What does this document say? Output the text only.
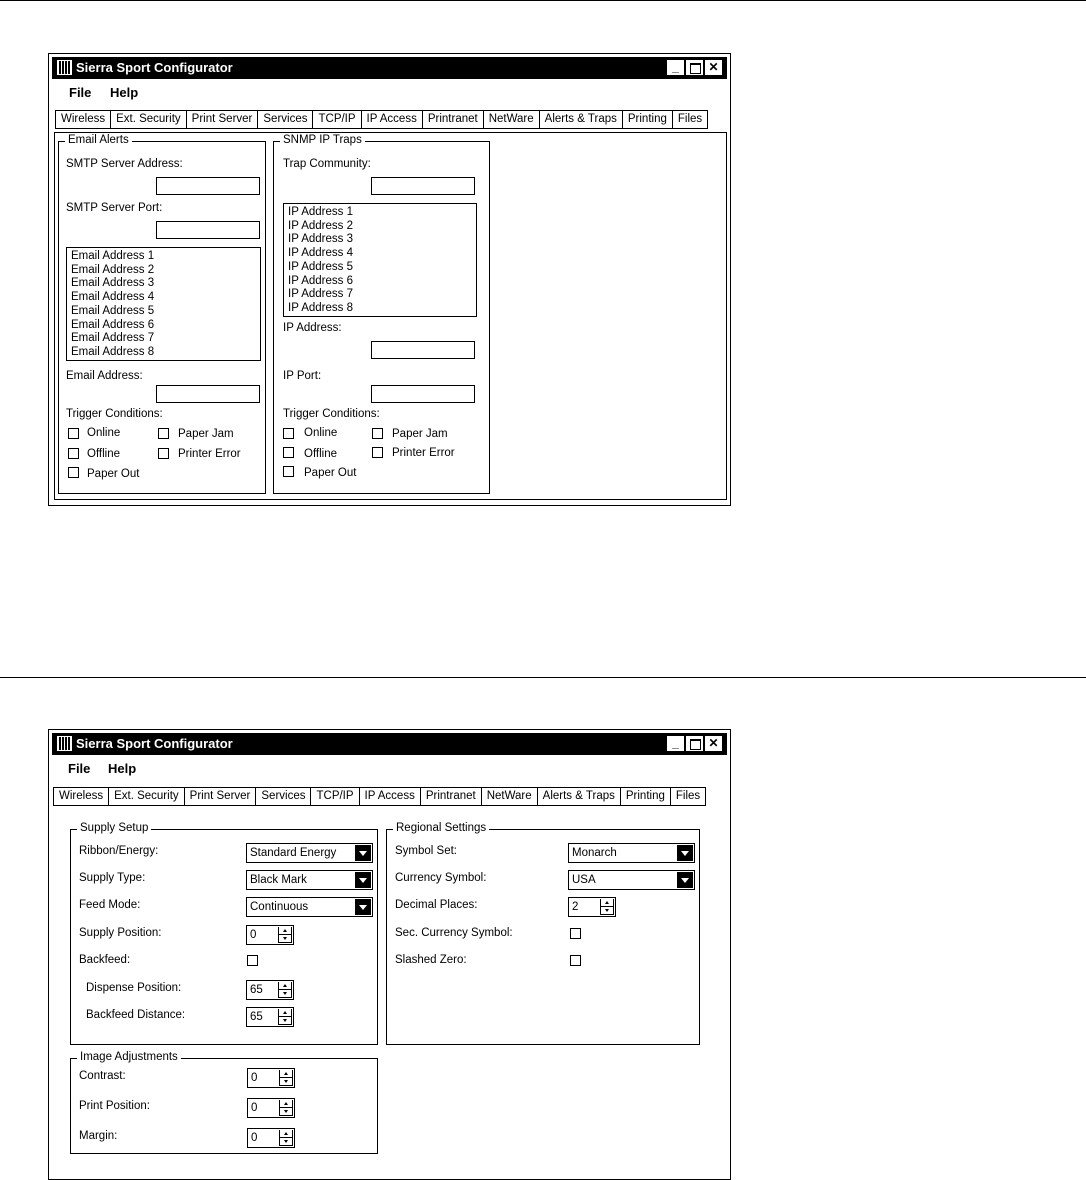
Sierra Sport Configurator	_	✕
File Help
Wireless Ext. Security Print Server Services TCP/IP IP Access Printranet NetWare Alerts & Traps Printing Files
Email Alerts
SMTP Server Address:
SMTP Server Port:
Email Address 1
Email Address 2
Email Address 3
Email Address 4
Email Address 5
Email Address 6
Email Address 7
Email Address 8
Email Address:
Trigger Conditions:
Online	Paper Jam
Offline	Printer Error
Paper Out
SNMP IP Traps
Trap Community:
IP Address 1
IP Address 2
IP Address 3
IP Address 4
IP Address 5
IP Address 6
IP Address 7
IP Address 8
IP Address:
IP Port:
Trigger Conditions:
Online	Paper Jam
Offline	Printer Error
Paper Out
Sierra Sport Configurator	_	✕
File Help
Wireless Ext. Security Print Server Services TCP/IP IP Access Printranet NetWare Alerts & Traps Printing Files
Supply Setup
Ribbon/Energy:	Standard Energy
Supply Type:	Black Mark
Feed Mode:	Continuous
Supply Position:	0
Backfeed:
Dispense Position:	65
Backfeed Distance:	65
Regional Settings
Symbol Set:	Monarch
Currency Symbol:	USA
Decimal Places:	2
Sec. Currency Symbol:
Slashed Zero:
Image Adjustments
Contrast:	0
Print Position:	0
Margin:	0
